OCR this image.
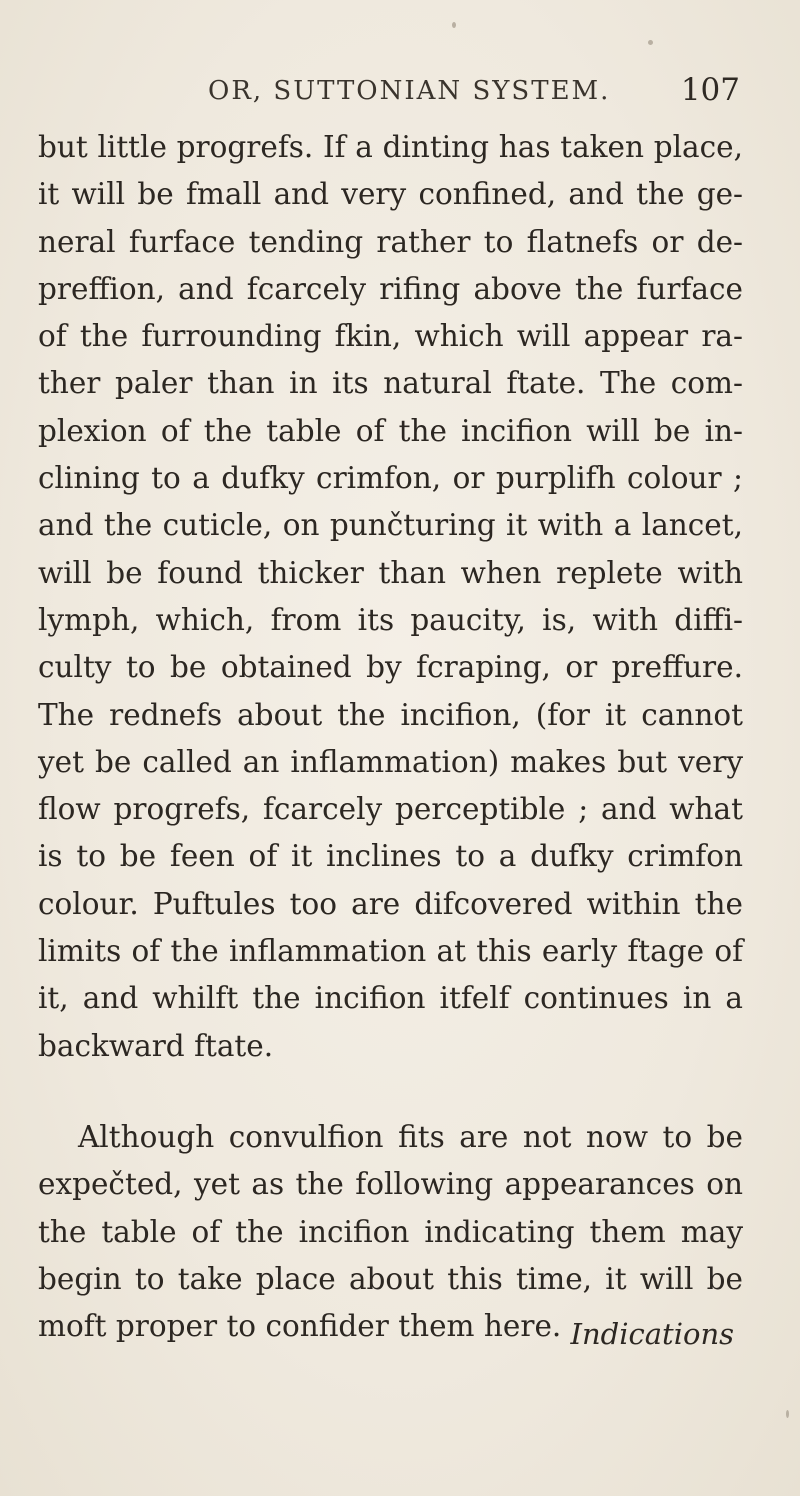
OR, SUTTONIAN SYSTEM. 107
but little progrefs. If a dinting has taken place,
it will be fmall and very confined, and the ge-
neral furface tending rather to flatnefs or de-
preffion, and fcarcely rifing above the furface
of the furrounding fkin, which will appear ra-
ther paler than in its natural ftate. The com-
plexion of the table of the incifion will be in-
clining to a dufky crimfon, or purplifh colour ;
and the cuticle, on punčturing it with a lancet,
will be found thicker than when replete with
lymph, which, from its paucity, is, with diffi-
culty to be obtained by fcraping, or preffure.
The rednefs about the incifion, (for it cannot
yet be called an inflammation) makes but very
flow progrefs, fcarcely perceptible ; and what
is to be feen of it inclines to a dufky crimfon
colour. Puftules too are difcovered within the
limits of the inflammation at this early ftage of
it, and whilft the incifion itfelf continues in a
backward ftate.
Although convulfion fits are not now to be
expečted, yet as the following appearances on
the table of the incifion indicating them may
begin to take place about this time, it will be
moft proper to confider them here. Indications
